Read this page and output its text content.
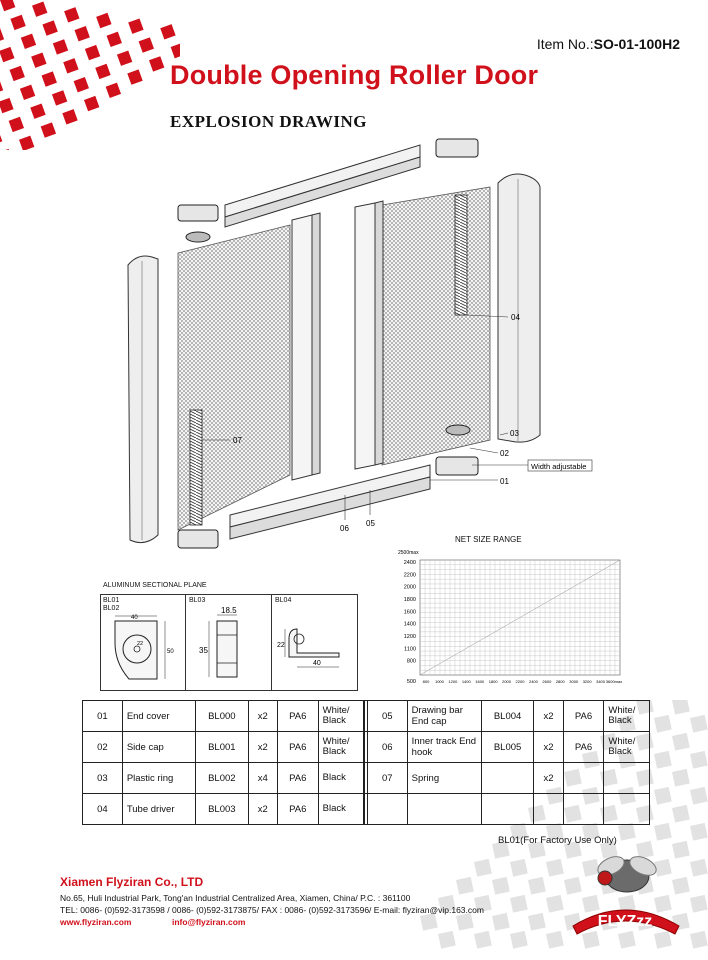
Item No.:SO-01-100H2
Double Opening Roller Door
EXPLOSION DRAWING
04
03
02
01
07
06
05
Width adjustable
ALUMINUM SECTIONAL PLANE
BL01
BL02
BL03	BL04
40
50
22
18.5
35
22
40
NET SIZE RANGE
2500max
2400
2200
2000
1800
1600
1400
1200
1100
800
500 800 1000 1200 1400 1600 1800 2000 2200 2400 2600 2800 3000 3200 3400 3600max
01	End cover	BL000	x2	PA6	White/ Black		05	Drawing bar End cap	BL004	x2	PA6	White/ Black
02	Side cap	BL001	x2	PA6	White/ Black		06	Inner track End hook	BL005	x2	PA6	White/ Black
03	Plastic ring	BL002	x4	PA6	Black		07	Spring		x2		
04	Tube driver	BL003	x2	PA6	Black							
BL01(For Factory Use Only)
Xiamen Flyziran Co., LTD
No.65, Huli Industrial Park, Tong'an Industrial Centralized Area, Xiamen, China/ P.C. : 361100
TEL: 0086- (0)592-3173598 / 0086- (0)592-3173875/ FAX : 0086- (0)592-3173596/ E-mail: flyziran@vip.163.com
www.flyziran.com	info@flyziran.com	FLYZzz
